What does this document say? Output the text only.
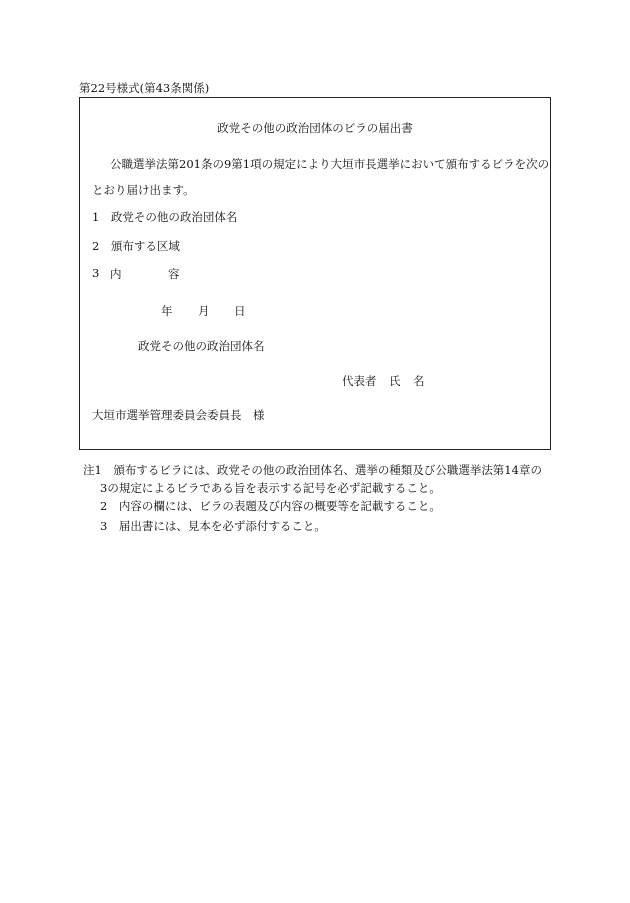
第22号様式(第43条関係)
政党その他の政治団体のビラの届出書
公職選挙法第201条の9第1項の規定により大垣市長選挙において頒布するビラを次の
とおり届け出ます。
1　政党その他の政治団体名
2　頒布する区域
3 内	容
年 月 日
政党その他の政治団体名
代表者 氏 名
大垣市選挙管理委員会委員長　様
注1　頒布するビラには、政党その他の政治団体名、選挙の種類及び公職選挙法第14章の
3の規定によるビラである旨を表示する記号を必ず記載すること。
2　内容の欄には、ビラの表題及び内容の概要等を記載すること。
3　届出書には、見本を必ず添付すること。
